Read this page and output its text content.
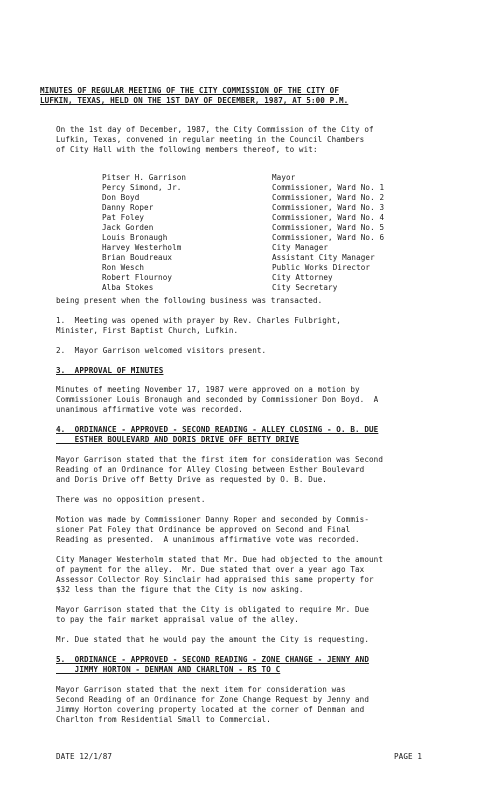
MINUTES OF REGULAR MEETING OF THE CITY COMMISSION OF THE CITY OF
LUFKIN, TEXAS, HELD ON THE 1ST DAY OF DECEMBER, 1987, AT 5:00 P.M.
On the 1st day of December, 1987, the City Commission of the City of
Lufkin, Texas, convened in regular meeting in the Council Chambers
of City Hall with the following members thereof, to wit:
Pitser H. Garrison	Mayor
Percy Simond, Jr.	Commissioner, Ward No. 1
Don Boyd	Commissioner, Ward No. 2
Danny Roper	Commissioner, Ward No. 3
Pat Foley	Commissioner, Ward No. 4
Jack Gorden	Commissioner, Ward No. 5
Louis Bronaugh	Commissioner, Ward No. 6
Harvey Westerholm	City Manager
Brian Boudreaux	Assistant City Manager
Ron Wesch	Public Works Director
Robert Flournoy	City Attorney
Alba Stokes	City Secretary
being present when the following business was transacted.
1.  Meeting was opened with prayer by Rev. Charles Fulbright,
Minister, First Baptist Church, Lufkin.
2.  Mayor Garrison welcomed visitors present.
3.  APPROVAL OF MINUTES
Minutes of meeting November 17, 1987 were approved on a motion by
Commissioner Louis Bronaugh and seconded by Commissioner Don Boyd.  A
unanimous affirmative vote was recorded.
4.  ORDINANCE - APPROVED - SECOND READING - ALLEY CLOSING - O. B. DUE
ESTHER BOULEVARD AND DORIS DRIVE OFF BETTY DRIVE
Mayor Garrison stated that the first item for consideration was Second
Reading of an Ordinance for Alley Closing between Esther Boulevard
and Doris Drive off Betty Drive as requested by O. B. Due.
There was no opposition present.
Motion was made by Commissioner Danny Roper and seconded by Commis-
sioner Pat Foley that Ordinance be approved on Second and Final
Reading as presented.  A unanimous affirmative vote was recorded.
City Manager Westerholm stated that Mr. Due had objected to the amount
of payment for the alley.  Mr. Due stated that over a year ago Tax
Assessor Collector Roy Sinclair had appraised this same property for
$32 less than the figure that the City is now asking.
Mayor Garrison stated that the City is obligated to require Mr. Due
to pay the fair market appraisal value of the alley.
Mr. Due stated that he would pay the amount the City is requesting.
5.  ORDINANCE - APPROVED - SECOND READING - ZONE CHANGE - JENNY AND
JIMMY HORTON - DENMAN AND CHARLTON - RS TO C
Mayor Garrison stated that the next item for consideration was
Second Reading of an Ordinance for Zone Change Request by Jenny and
Jimmy Horton covering property located at the corner of Denman and
Charlton from Residential Small to Commercial.
DATE 12/1/87	PAGE 1
